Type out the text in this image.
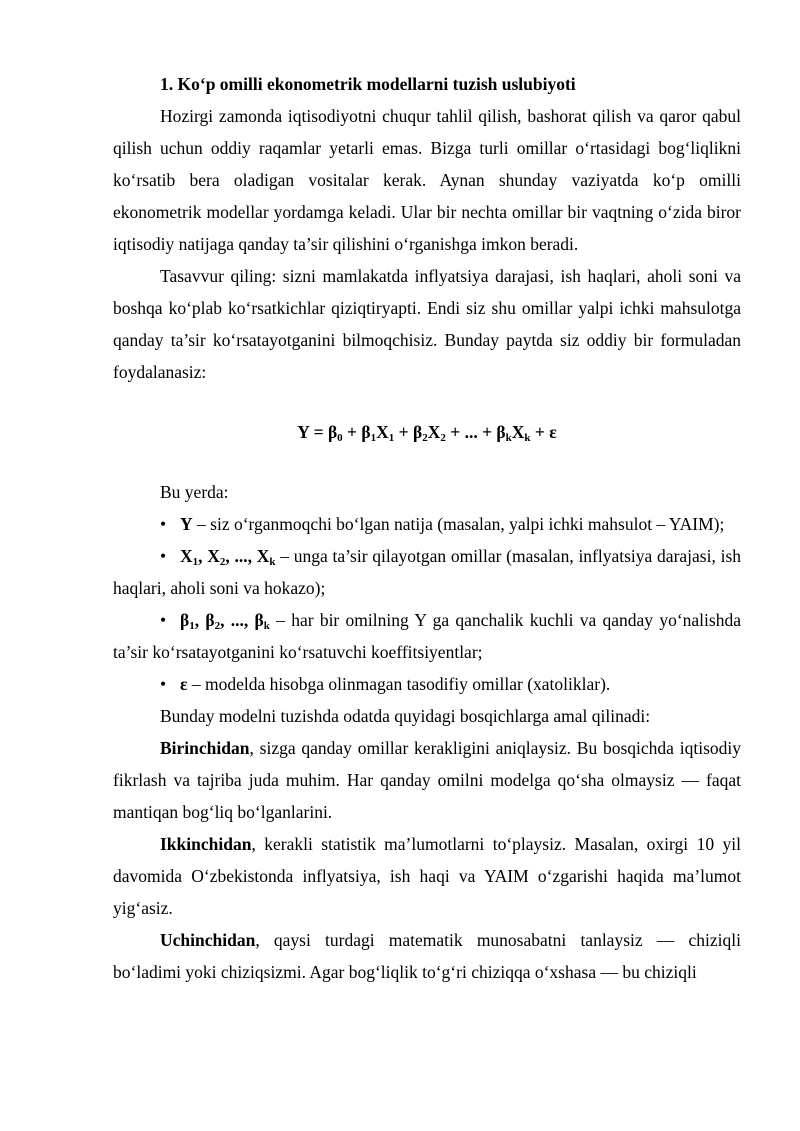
1. Ko‘p omilli ekonometrik modellarni tuzish uslubiyoti

Hozirgi zamonda iqtisodiyotni chuqur tahlil qilish, bashorat qilish va qaror qabul qilish uchun oddiy raqamlar yetarli emas. Bizga turli omillar o‘rtasidagi bog‘liqlikni ko‘rsatib bera oladigan vositalar kerak. Aynan shunday vaziyatda ko‘p omilli ekonometrik modellar yordamga keladi. Ular bir nechta omillar bir vaqtning o‘zida biror iqtisodiy natijaga qanday ta’sir qilishini o‘rganishga imkon beradi.

Tasavvur qiling: sizni mamlakatda inflyatsiya darajasi, ish haqlari, aholi soni va boshqa ko‘plab ko‘rsatkichlar qiziqtiryapti. Endi siz shu omillar yalpi ichki mahsulotga qanday ta’sir ko‘rsatayotganini bilmoqchisiz. Bunday paytda siz oddiy bir formuladan foydalanasiz:

$Y = \beta_0 + \beta_1X_1 + \beta_2X_2$ + ... + $\beta_kX_k + \varepsilon$

Bu yerda:

• Y – siz o‘rganmoqchi bo‘lgan natija (masalan, yalpi ichki mahsulot – YAIM);

• $X_1$, $X_2$, ..., $X_k$ – unga ta’sir qilayotgan omillar (masalan, inflyatsiya darajasi, ish haqlari, aholi soni va hokazo);

• $\beta_1$, $\beta_2$, ..., $\beta_k$ – har bir omilning Y ga qanchalik kuchli va qanday yo‘nalishda ta’sir ko‘rsatayotganini ko‘rsatuvchi koeffitsiyentlar;

• ε – modelda hisobga olinmagan tasodifiy omillar (xatoliklar).

Bunday modelni tuzishda odatda quyidagi bosqichlarga amal qilinadi:

Birinchidan, sizga qanday omillar kerakligini aniqlaysiz. Bu bosqichda iqtisodiy fikrlash va tajriba juda muhim. Har qanday omilni modelga qo‘sha olmaysiz — faqat mantiqan bog‘liq bo‘lganlarini.

Ikkinchidan, kerakli statistik ma’lumotlarni to‘playsiz. Masalan, oxirgi 10 yil davomida O‘zbekistonda inflyatsiya, ish haqi va YAIM o‘zgarishi haqida ma’lumot yig‘asiz.

Uchinchidan, qaysi turdagi matematik munosabatni tanlaysiz — chiziqli bo‘ladimi yoki chiziqsizmi. Agar bog‘liqlik to‘g‘ri chiziqqa o‘xshasa — bu chiziqli
